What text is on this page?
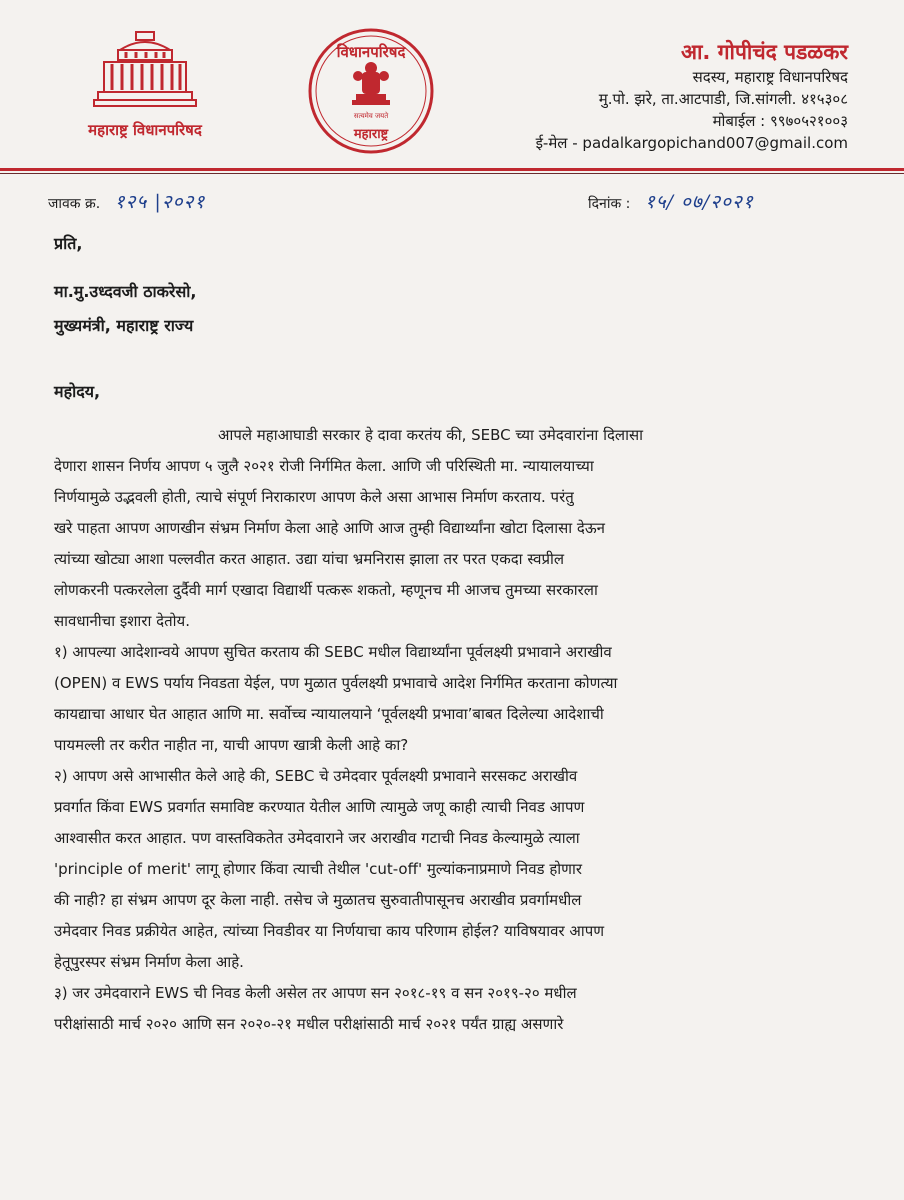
महाराष्ट्र विधानपरिषद
विधानपरिषद
सत्यमेव जयते
महाराष्ट्र
आ. गोपीचंद पडळकर
सदस्य, महाराष्ट्र विधानपरिषद
मु.पो. झरे, ता.आटपाडी, जि.सांगली. ४१५३०८
मोबाईल : ९९७०५२१००३
ई-मेल - padalkargopichand007@gmail.com
जावक क्र. १२५ |२०२१	दिनांक : १५/ ०७/२०२१
प्रति,
मा.मु.उध्दवजी ठाकरेसो,
मुख्यमंत्री, महाराष्ट्र राज्य
महोदय,
आपले महाआघाडी सरकार हे दावा करतंय की, SEBC च्या उमेदवारांना दिलासा
देणारा शासन निर्णय आपण ५ जुलै २०२१ रोजी निर्गमित केला. आणि जी परिस्थिती मा. न्यायालयाच्या
निर्णयामुळे उद्भवली होती, त्याचे संपूर्ण निराकारण आपण केले असा आभास निर्माण करताय. परंतु
खरे पाहता आपण आणखीन संभ्रम निर्माण केला आहे आणि आज तुम्ही विद्यार्थ्यांना खोटा दिलासा देऊन
त्यांच्या खोट्या आशा पल्लवीत करत आहात. उद्या यांचा भ्रमनिरास झाला तर परत एकदा स्वप्रील
लोणकरनी पत्करलेला दुर्दैवी मार्ग एखादा विद्यार्थी पत्करू शकतो, म्हणूनच मी आजच तुमच्या सरकारला
सावधानीचा इशारा देतोय.
१) आपल्या आदेशान्वये आपण सुचित करताय की SEBC मधील विद्यार्थ्यांना पूर्वलक्ष्यी प्रभावाने अराखीव
(OPEN) व EWS पर्याय निवडता येईल, पण मुळात पुर्वलक्ष्यी प्रभावाचे आदेश निर्गमित करताना कोणत्या
कायद्याचा आधार घेत आहात आणि मा. सर्वोच्च न्यायालयाने ‘पूर्वलक्ष्यी प्रभावा’बाबत दिलेल्या आदेशाची
पायमल्ली तर करीत नाहीत ना, याची आपण खात्री केली आहे का?
२) आपण असे आभासीत केले आहे की, SEBC चे उमेदवार पूर्वलक्ष्यी प्रभावाने सरसकट अराखीव
प्रवर्गात किंवा EWS प्रवर्गात समाविष्ट करण्यात येतील आणि त्यामुळे जणू काही त्याची निवड आपण
आश्वासीत करत आहात. पण वास्तविकतेत उमेदवाराने जर अराखीव गटाची निवड केल्यामुळे त्याला
'principle of merit' लागू होणार किंवा त्याची तेथील 'cut-off' मुल्यांकनाप्रमाणे निवड होणार
की नाही? हा संभ्रम आपण दूर केला नाही. तसेच जे मुळातच सुरुवातीपासूनच अराखीव प्रवर्गामधील
उमेदवार निवड प्रक्रीयेत आहेत, त्यांच्या निवडीवर या निर्णयाचा काय परिणाम होईल? याविषयावर आपण
हेतूपुरस्पर संभ्रम निर्माण केला आहे.
३) जर उमेदवाराने EWS ची निवड केली असेल तर आपण सन २०१८-१९ व सन २०१९-२० मधील
परीक्षांसाठी मार्च २०२० आणि सन २०२०-२१ मधील परीक्षांसाठी मार्च २०२१ पर्यंत ग्राह्य असणारे
